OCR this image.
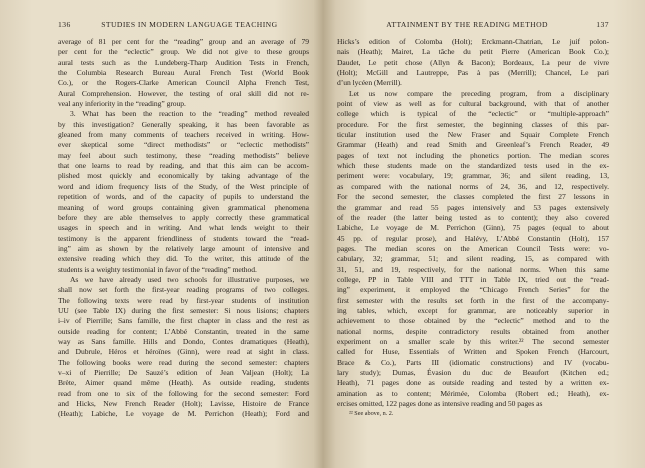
136	STUDIES IN MODERN LANGUAGE TEACHING
average of 81 per cent for the “reading” group and an average of 79
per cent for the “eclectic” group. We did not give to these groups
aural tests such as the Lundeberg-Tharp Audition Tests in French,
the Columbia Research Bureau Aural French Test (World Book
Co.), or the Rogers-Clarke American Council Alpha French Test,
Aural Comprehension. However, the testing of oral skill did not re-
veal any inferiority in the “reading” group.
3. What has been the reaction to the “reading” method revealed
by this investigation? Generally speaking, it has been favorable as
gleaned from many comments of teachers received in writing. How-
ever skeptical some “direct methodists” or “eclectic methodists”
may feel about such testimony, these “reading methodists” believe
that one learns to read by reading, and that this aim can be accom-
plished most quickly and economically by taking advantage of the
word and idiom frequency lists of the Study, of the West principle of
repetition of words, and of the capacity of pupils to understand the
meaning of word groups containing given grammatical phenomena
before they are able themselves to apply correctly these grammatical
usages in speech and in writing. And what lends weight to their
testimony is the apparent friendliness of students toward the “read-
ing” aim as shown by the relatively large amount of intensive and
extensive reading which they did. To the writer, this attitude of the
students is a weighty testimonial in favor of the “reading” method.
As we have already used two schools for illustrative purposes, we
shall now set forth the first-year reading programs of two colleges.
The following texts were read by first-year students of institution
UU (see Table IX) during the first semester: Si nous lisions; chapters
i–iv of Pierrille; Sans famille, the first chapter in class and the rest as
outside reading for content; L’Abbé Constantin, treated in the same
way as Sans famille. Hills and Dondo, Contes dramatiques (Heath),
and Dubrule, Héros et héroïnes (Ginn), were read at sight in class.
The following books were read during the second semester: chapters
v–xi of Pierrille; De Sauzé’s edition of Jean Valjean (Holt); La
Brète, Aimer quand même (Heath). As outside reading, students
read from one to six of the following for the second semester: Ford
and Hicks, New French Reader (Holt); Lavisse, Histoire de France
(Heath); Labiche, Le voyage de M. Perrichon (Heath); Ford and
ATTAINMENT BY THE READING METHOD	137
Hicks’s edition of Colomba (Holt); Erckmann-Chatrian, Le juif polon-
nais (Heath); Mairet, La tâche du petit Pierre (American Book Co.);
Daudet, Le petit chose (Allyn & Bacon); Bordeaux, La peur de vivre
(Holt); McGill and Lautreppe, Pas à pas (Merrill); Chancel, Le pari
d’un lycéen (Merrill).
Let us now compare the preceding program, from a disciplinary
point of view as well as for cultural background, with that of another
college which is typical of the “eclectic” or “multiple-approach”
procedure. For the first semester, the beginning classes of this par-
ticular institution used the New Fraser and Squair Complete French
Grammar (Heath) and read Smith and Greenleaf’s French Reader, 49
pages of text not including the phonetics portion. The median scores
which these students made on the standardized tests used in the ex-
periment were: vocabulary, 19; grammar, 36; and silent reading, 13,
as compared with the national norms of 24, 36, and 12, respectively.
For the second semester, the classes completed the first 27 lessons in
the grammar and read 55 pages intensively and 53 pages extensively
of the reader (the latter being tested as to content); they also covered
Labiche, Le voyage de M. Perrichon (Ginn), 75 pages (equal to about
45 pp. of regular prose), and Halévy, L’Abbé Constantin (Holt), 157
pages. The median scores on the American Council Tests were: vo-
cabulary, 32; grammar, 51; and silent reading, 15, as compared with
31, 51, and 19, respectively, for the national norms. When this same
college, PP in Table VIII and TTT in Table IX, tried out the “read-
ing” experiment, it employed the “Chicago French Series” for the
first semester with the results set forth in the first of the accompany-
ing tables, which, except for grammar, are noticeably superior in
achievement to those obtained by the “eclectic” method and to the
national norms, despite contradictory results obtained from another
experiment on a smaller scale by this writer.²² The second semester
called for Huse, Essentials of Written and Spoken French (Harcourt,
Brace & Co.), Parts III (idiomatic constructions) and IV (vocabu-
lary study); Dumas, Évasion du duc de Beaufort (Kitchen ed.;
Heath), 71 pages done as outside reading and tested by a written ex-
amination as to content; Mérimée, Colomba (Robert ed.; Heath), ex-
ercises omitted, 122 pages done as intensive reading and 50 pages as
²² See above, n. 2.
